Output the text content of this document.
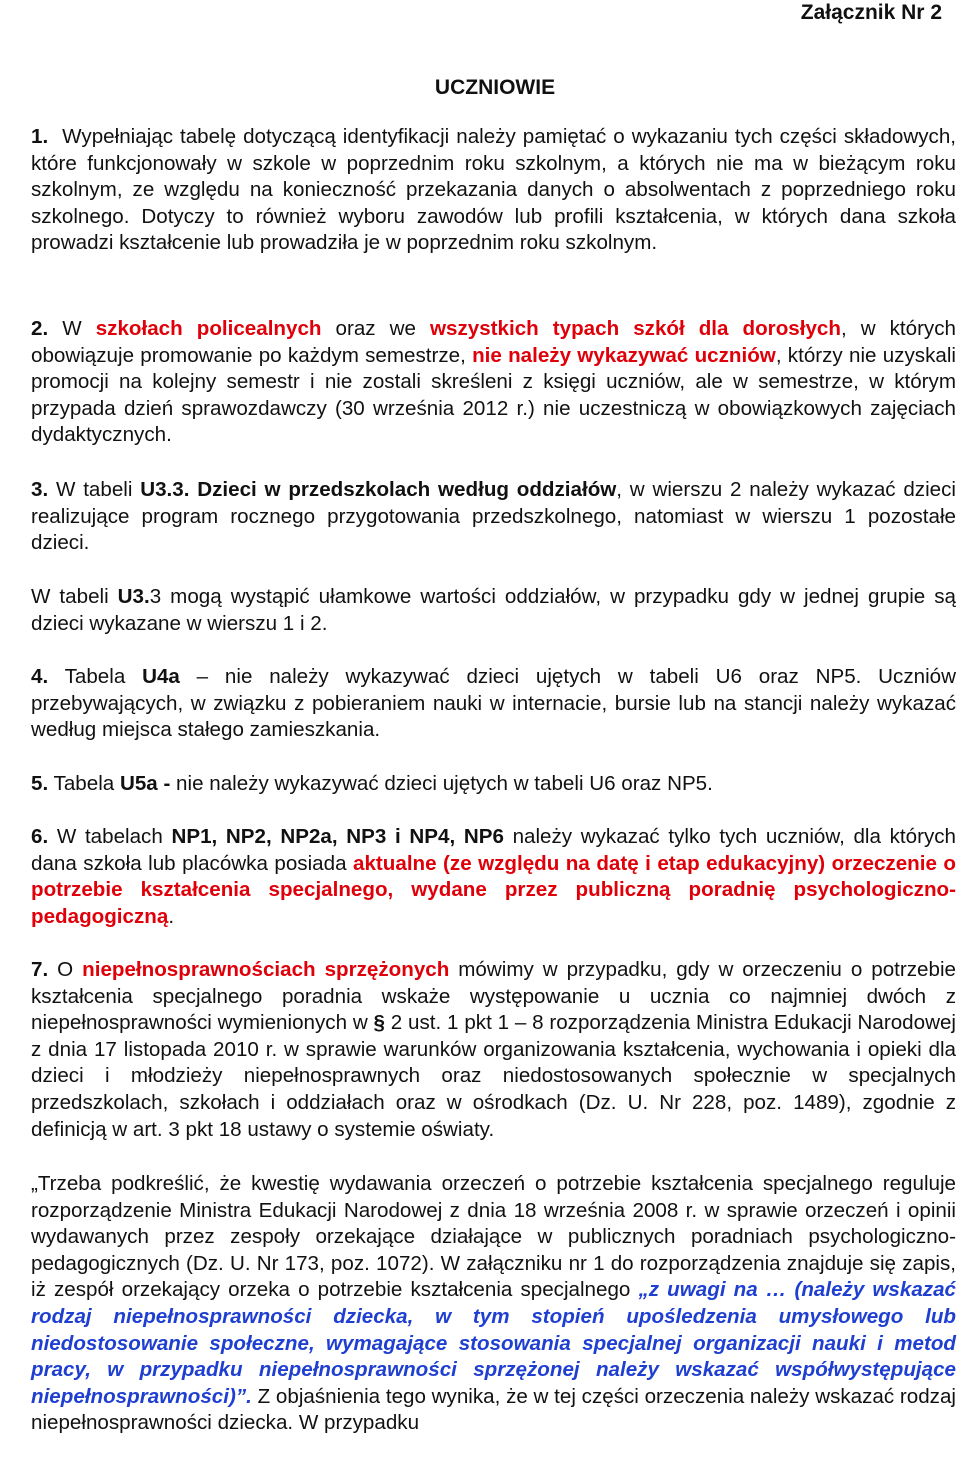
Załącznik Nr 2
UCZNIOWIE
1. Wypełniając tabelę dotyczącą identyfikacji należy pamiętać o wykazaniu tych części składowych, które funkcjonowały w szkole w poprzednim roku szkolnym, a których nie ma w bieżącym roku szkolnym, ze względu na konieczność przekazania danych o absolwentach z poprzedniego roku szkolnego. Dotyczy to również wyboru zawodów lub profili kształcenia, w których dana szkoła prowadzi kształcenie lub prowadziła je w poprzednim roku szkolnym.
2. W szkołach policealnych oraz we wszystkich typach szkół dla dorosłych, w których obowiązuje promowanie po każdym semestrze, nie należy wykazywać uczniów, którzy nie uzyskali promocji na kolejny semestr i nie zostali skreśleni z księgi uczniów, ale w semestrze, w którym przypada dzień sprawozdawczy (30 września 2012 r.) nie uczestniczą w obowiązkowych zajęciach dydaktycznych.
3. W tabeli U3.3. Dzieci w przedszkolach według oddziałów, w wierszu 2 należy wykazać dzieci realizujące program rocznego przygotowania przedszkolnego, natomiast w wierszu 1 pozostałe dzieci.
W tabeli U3.3 mogą wystąpić ułamkowe wartości oddziałów, w przypadku gdy w jednej grupie są dzieci wykazane w wierszu 1 i 2.
4. Tabela U4a – nie należy wykazywać dzieci ujętych w tabeli U6 oraz NP5. Uczniów przebywających, w związku z pobieraniem nauki w internacie, bursie lub na stancji należy wykazać według miejsca stałego zamieszkania.
5. Tabela U5a - nie należy wykazywać dzieci ujętych w tabeli U6 oraz NP5.
6. W tabelach NP1, NP2, NP2a, NP3 i NP4, NP6 należy wykazać tylko tych uczniów, dla których dana szkoła lub placówka posiada aktualne (ze względu na datę i etap edukacyjny) orzeczenie o potrzebie kształcenia specjalnego, wydane przez publiczną poradnię psychologiczno-pedagogiczną.
7. O niepełnosprawnościach sprzężonych mówimy w przypadku, gdy w orzeczeniu o potrzebie kształcenia specjalnego poradnia wskaże występowanie u ucznia co najmniej dwóch z niepełnosprawności wymienionych w § 2 ust. 1 pkt 1 – 8 rozporządzenia Ministra Edukacji Narodowej z dnia 17 listopada 2010 r. w sprawie warunków organizowania kształcenia, wychowania i opieki dla dzieci i młodzieży niepełnosprawnych oraz niedostosowanych społecznie w specjalnych przedszkolach, szkołach i oddziałach oraz w ośrodkach (Dz. U. Nr 228, poz. 1489), zgodnie z definicją w art. 3 pkt 18 ustawy o systemie oświaty.
„Trzeba podkreślić, że kwestię wydawania orzeczeń o potrzebie kształcenia specjalnego reguluje rozporządzenie Ministra Edukacji Narodowej z dnia 18 września 2008 r. w sprawie orzeczeń i opinii wydawanych przez zespoły orzekające działające w publicznych poradniach psychologiczno-pedagogicznych (Dz. U. Nr 173, poz. 1072). W załączniku nr 1 do rozporządzenia znajduje się zapis, iż zespół orzekający orzeka o potrzebie kształcenia specjalnego „z uwagi na … (należy wskazać rodzaj niepełnosprawności dziecka, w tym stopień upośledzenia umysłowego lub niedostosowanie społeczne, wymagające stosowania specjalnej organizacji nauki i metod pracy, w przypadku niepełnosprawności sprzężonej należy wskazać współwystępujące niepełnosprawności)”. Z objaśnienia tego wynika, że w tej części orzeczenia należy wskazać rodzaj niepełnosprawności dziecka. W przypadku
